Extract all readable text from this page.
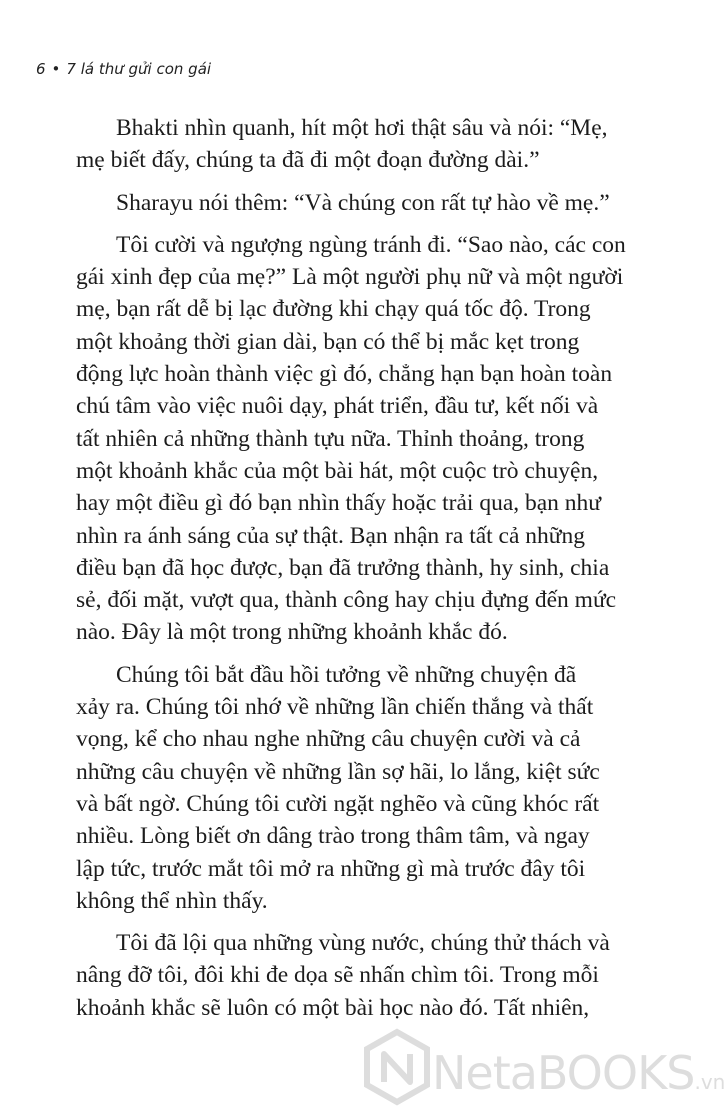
6 • 7 lá thư gửi con gái

Bhakti nhìn quanh, hít một hơi thật sâu và nói: “Mẹ,
mẹ biết đấy, chúng ta đã đi một đoạn đường dài.”

Sharayu nói thêm: “Và chúng con rất tự hào về mẹ.”

Tôi cười và ngượng ngùng tránh đi. “Sao nào, các con
gái xinh đẹp của mẹ?” Là một người phụ nữ và một người
mẹ, bạn rất dễ bị lạc đường khi chạy quá tốc độ. Trong
một khoảng thời gian dài, bạn có thể bị mắc kẹt trong
động lực hoàn thành việc gì đó, chẳng hạn bạn hoàn toàn
chú tâm vào việc nuôi dạy, phát triển, đầu tư, kết nối và
tất nhiên cả những thành tựu nữa. Thỉnh thoảng, trong
một khoảnh khắc của một bài hát, một cuộc trò chuyện,
hay một điều gì đó bạn nhìn thấy hoặc trải qua, bạn như
nhìn ra ánh sáng của sự thật. Bạn nhận ra tất cả những
điều bạn đã học được, bạn đã trưởng thành, hy sinh, chia
sẻ, đối mặt, vượt qua, thành công hay chịu đựng đến mức
nào. Đây là một trong những khoảnh khắc đó.

Chúng tôi bắt đầu hồi tưởng về những chuyện đã
xảy ra. Chúng tôi nhớ về những lần chiến thắng và thất
vọng, kể cho nhau nghe những câu chuyện cười và cả
những câu chuyện về những lần sợ hãi, lo lắng, kiệt sức
và bất ngờ. Chúng tôi cười ngặt nghẽo và cũng khóc rất
nhiều. Lòng biết ơn dâng trào trong thâm tâm, và ngay
lập tức, trước mắt tôi mở ra những gì mà trước đây tôi
không thể nhìn thấy.

Tôi đã lội qua những vùng nước, chúng thử thách và
nâng đỡ tôi, đôi khi đe dọa sẽ nhấn chìm tôi. Trong mỗi
khoảnh khắc sẽ luôn có một bài học nào đó. Tất nhiên,

NetaBOOKS.vn
